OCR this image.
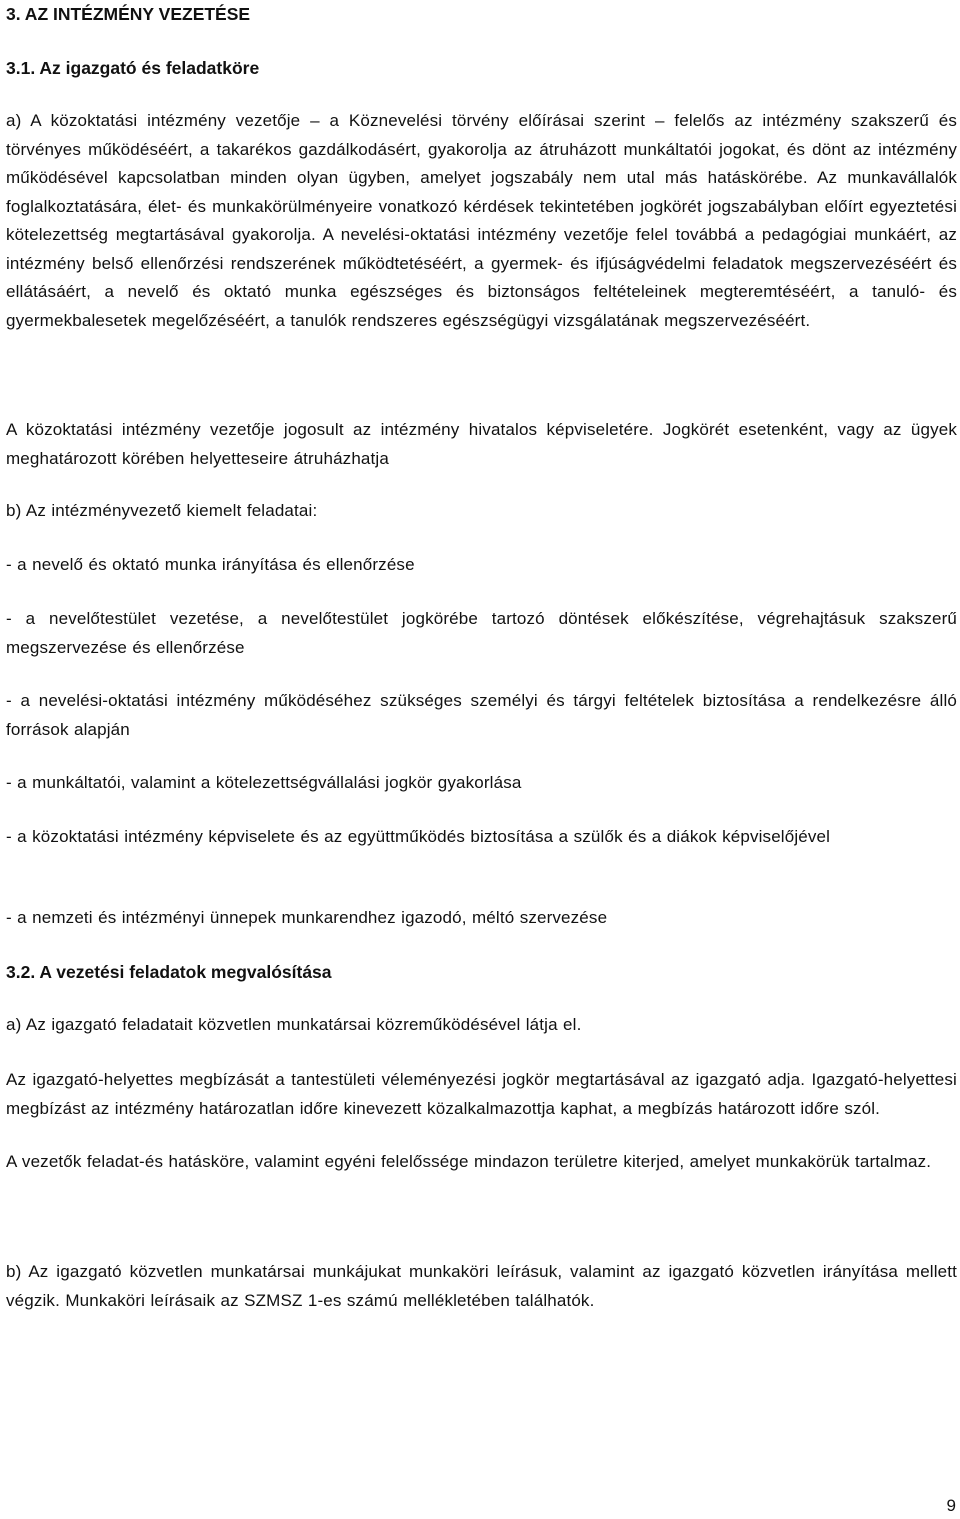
3. AZ INTÉZMÉNY VEZETÉSE
3.1. Az igazgató és feladatköre

a) A közoktatási intézmény vezetője – a Köznevelési törvény előírásai szerint – felelős az intézmény szakszerű és törvényes működéséért, a takarékos gazdálkodásért, gyakorolja az átruházott munkáltatói jogokat, és dönt az intézmény működésével kapcsolatban minden olyan ügyben, amelyet jogszabály nem utal más hatáskörébe. Az munkavállalók foglalkoztatására, élet- és munkakörülményeire vonatkozó kérdések tekintetében jogkörét jogszabályban előírt egyeztetési kötelezettség megtartásával gyakorolja. A nevelési-oktatási intézmény vezetője felel továbbá a pedagógiai munkáért, az intézmény belső ellenőrzési rendszerének működtetéséért, a gyermek- és ifjúságvédelmi feladatok megszervezéséért és ellátásáért, a nevelő és oktató munka egészséges és biztonságos feltételeinek megteremtéséért, a tanuló- és gyermekbalesetek megelőzéséért, a tanulók rendszeres egészségügyi vizsgálatának megszervezéséért.

A közoktatási intézmény vezetője jogosult az intézmény hivatalos képviseletére. Jogkörét esetenként, vagy az ügyek meghatározott körében helyetteseire átruházhatja

b) Az intézményvezető kiemelt feladatai:

- a nevelő és oktató munka irányítása és ellenőrzése

- a nevelőtestület vezetése, a nevelőtestület jogkörébe tartozó döntések előkészítése, végrehajtásuk szakszerű megszervezése és ellenőrzése

- a nevelési-oktatási intézmény működéséhez szükséges személyi és tárgyi feltételek biztosítása a rendelkezésre álló források alapján

- a munkáltatói, valamint a kötelezettségvállalási jogkör gyakorlása

- a közoktatási intézmény képviselete és az együttműködés biztosítása a szülők és a diákok képviselőjével

- a nemzeti és intézményi ünnepek munkarendhez igazodó, méltó szervezése

3.2. A vezetési feladatok megvalósítása

a) Az igazgató feladatait közvetlen munkatársai közreműködésével látja el.

Az igazgató-helyettes megbízását a tantestületi véleményezési jogkör megtartásával az igazgató adja. Igazgató-helyettesi megbízást az intézmény határozatlan időre kinevezett közalkalmazottja kaphat, a megbízás határozott időre szól.

A vezetők feladat-és hatásköre, valamint egyéni felelőssége mindazon területre kiterjed, amelyet munkakörük tartalmaz.

b) Az igazgató közvetlen munkatársai munkájukat munkaköri leírásuk, valamint az igazgató közvetlen irányítása mellett végzik. Munkaköri leírásaik az SZMSZ 1-es számú mellékletében találhatók.

9
